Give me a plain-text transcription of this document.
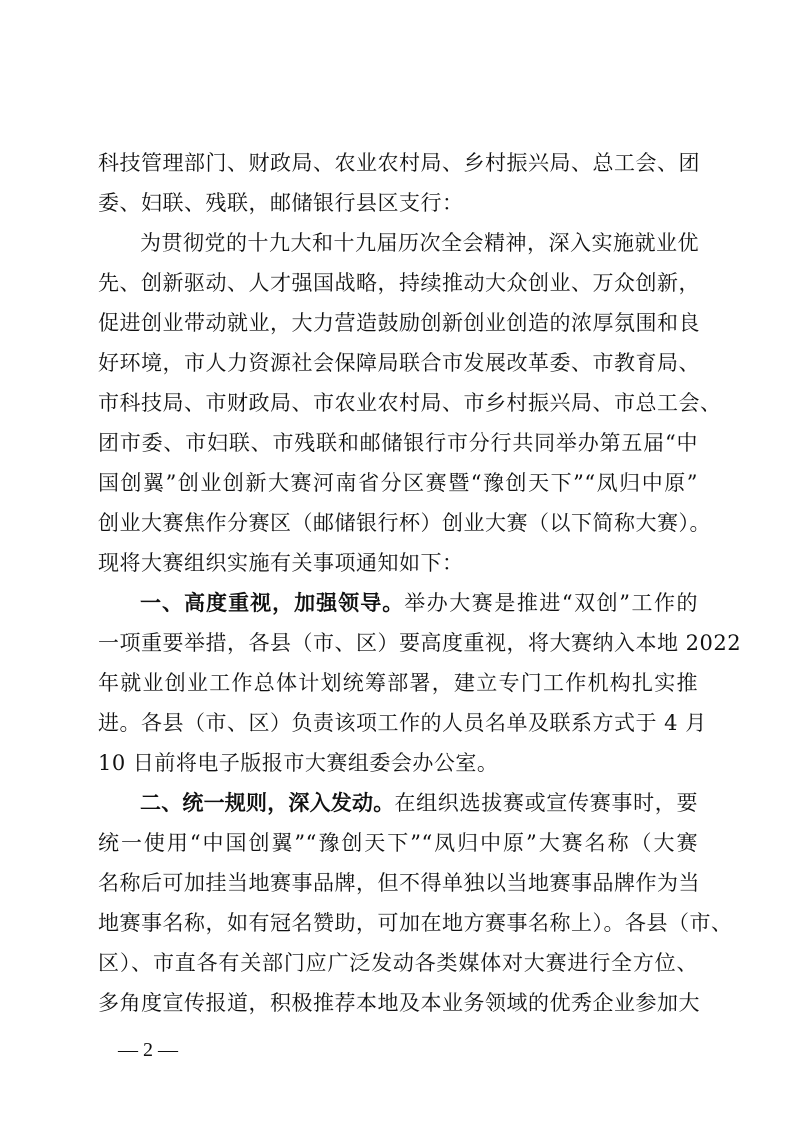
科技管理部门、财政局、农业农村局、乡村振兴局、总工会、团
委、妇联、残联，邮储银行县区支行：
为贯彻党的十九大和十九届历次全会精神，深入实施就业优
先、创新驱动、人才强国战略，持续推动大众创业、万众创新，
促进创业带动就业，大力营造鼓励创新创业创造的浓厚氛围和良
好环境，市人力资源社会保障局联合市发展改革委、市教育局、
市科技局、市财政局、市农业农村局、市乡村振兴局、市总工会、
团市委、市妇联、市残联和邮储银行市分行共同举办第五届“中
国创翼”创业创新大赛河南省分区赛暨“豫创天下”“凤归中原”
创业大赛焦作分赛区（邮储银行杯）创业大赛（以下简称大赛）。
现将大赛组织实施有关事项通知如下：
一、高度重视，加强领导。举办大赛是推进“双创”工作的
一项重要举措，各县（市、区）要高度重视，将大赛纳入本地 2022
年就业创业工作总体计划统筹部署，建立专门工作机构扎实推
进。各县（市、区）负责该项工作的人员名单及联系方式于 4 月
10 日前将电子版报市大赛组委会办公室。
二、统一规则，深入发动。在组织选拔赛或宣传赛事时，要
统一使用“中国创翼”“豫创天下”“凤归中原”大赛名称（大赛
名称后可加挂当地赛事品牌，但不得单独以当地赛事品牌作为当
地赛事名称，如有冠名赞助，可加在地方赛事名称上）。各县（市、
区）、市直各有关部门应广泛发动各类媒体对大赛进行全方位、
多角度宣传报道，积极推荐本地及本业务领域的优秀企业参加大
— 2 —
